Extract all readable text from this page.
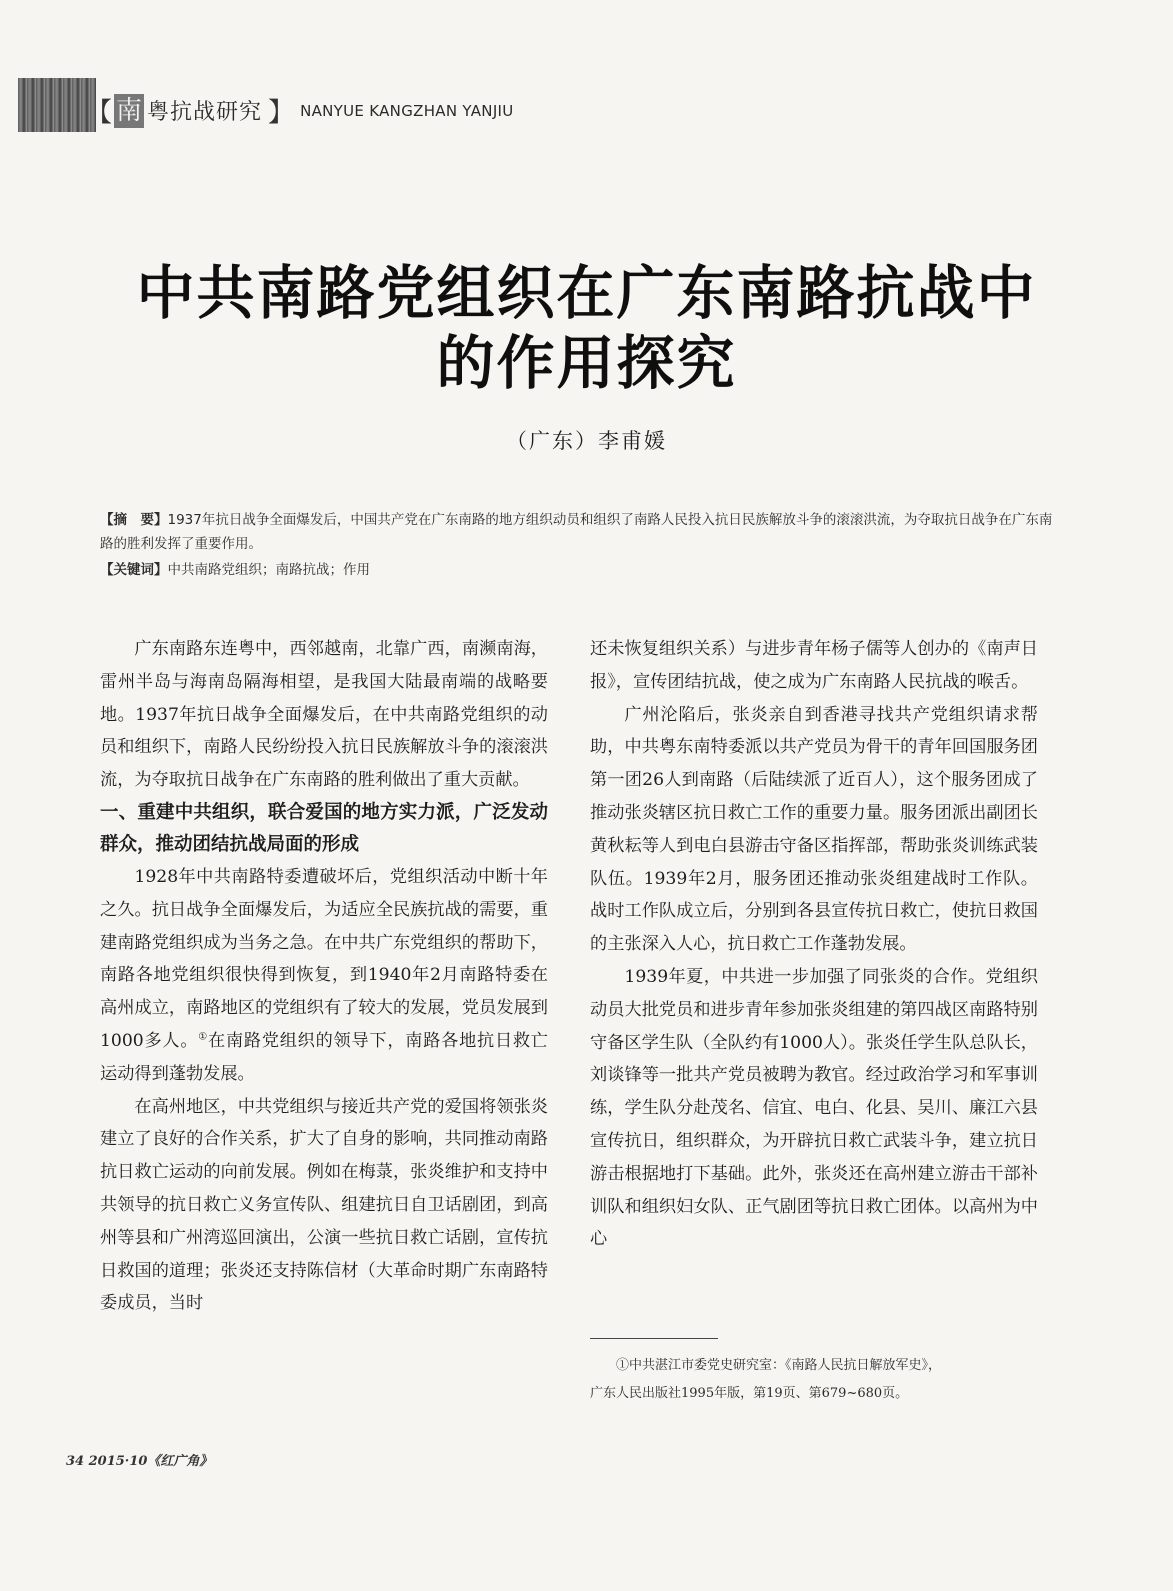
【 南 粤抗战研究 】 NANYUE KANGZHAN YANJIU
中共南路党组织在广东南路抗战中
的作用探究
（广东）李甫媛
【摘　要】1937年抗日战争全面爆发后，中国共产党在广东南路的地方组织动员和组织了南路人民投入抗日民族解放斗争的滚滚洪流，为夺取抗日战争在广东南路的胜利发挥了重要作用。
【关键词】中共南路党组织；南路抗战；作用

广东南路东连粤中，西邻越南，北靠广西，南濒南海，雷州半岛与海南岛隔海相望，是我国大陆最南端的战略要地。1937年抗日战争全面爆发后，在中共南路党组织的动员和组织下，南路人民纷纷投入抗日民族解放斗争的滚滚洪流，为夺取抗日战争在广东南路的胜利做出了重大贡献。

一、重建中共组织，联合爱国的地方实力派，广泛发动群众，推动团结抗战局面的形成

1928年中共南路特委遭破坏后，党组织活动中断十年之久。抗日战争全面爆发后，为适应全民族抗战的需要，重建南路党组织成为当务之急。在中共广东党组织的帮助下，南路各地党组织很快得到恢复，到1940年2月南路特委在高州成立，南路地区的党组织有了较大的发展，党员发展到1000多人。①在南路党组织的领导下，南路各地抗日救亡运动得到蓬勃发展。

在高州地区，中共党组织与接近共产党的爱国将领张炎建立了良好的合作关系，扩大了自身的影响，共同推动南路抗日救亡运动的向前发展。例如在梅菉，张炎维护和支持中共领导的抗日救亡义务宣传队、组建抗日自卫话剧团，到高州等县和广州湾巡回演出，公演一些抗日救亡话剧，宣传抗日救国的道理；张炎还支持陈信材（大革命时期广东南路特委成员，当时

还未恢复组织关系）与进步青年杨子儒等人创办的《南声日报》，宣传团结抗战，使之成为广东南路人民抗战的喉舌。

广州沦陷后，张炎亲自到香港寻找共产党组织请求帮助，中共粤东南特委派以共产党员为骨干的青年回国服务团第一团26人到南路（后陆续派了近百人），这个服务团成了推动张炎辖区抗日救亡工作的重要力量。服务团派出副团长黄秋耘等人到电白县游击守备区指挥部，帮助张炎训练武装队伍。1939年2月，服务团还推动张炎组建战时工作队。战时工作队成立后，分别到各县宣传抗日救亡，使抗日救国的主张深入人心，抗日救亡工作蓬勃发展。

1939年夏，中共进一步加强了同张炎的合作。党组织动员大批党员和进步青年参加张炎组建的第四战区南路特别守备区学生队（全队约有1000人）。张炎任学生队总队长，刘谈锋等一批共产党员被聘为教官。经过政治学习和军事训练，学生队分赴茂名、信宜、电白、化县、吴川、廉江六县宣传抗日，组织群众，为开辟抗日救亡武装斗争，建立抗日游击根据地打下基础。此外，张炎还在高州建立游击干部补训队和组织妇女队、正气剧团等抗日救亡团体。以高州为中心

①中共湛江市委党史研究室：《南路人民抗日解放军史》，
广东人民出版社1995年版，第19页、第679~680页。
34 2015·10《红广角》
